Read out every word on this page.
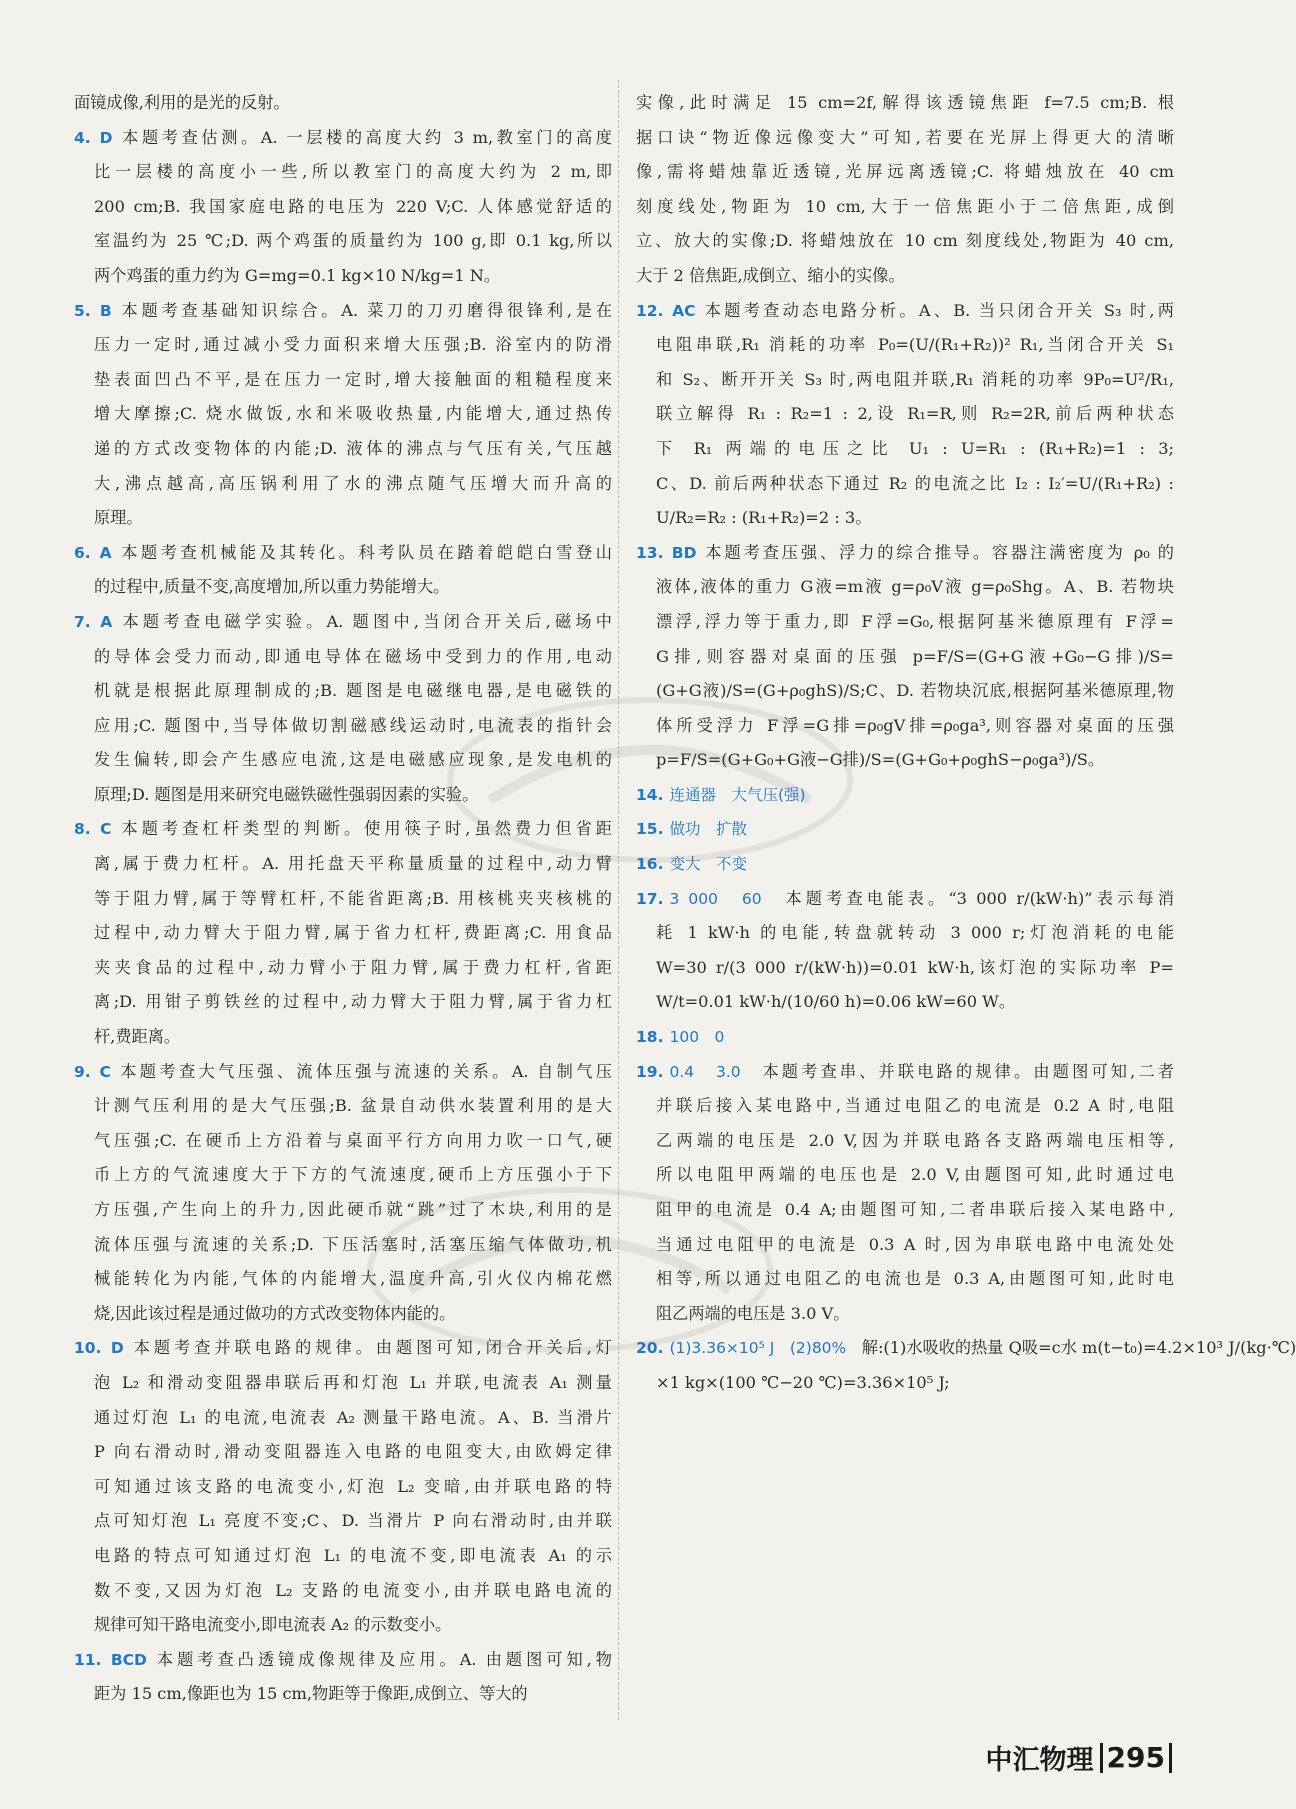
面镜成像,利用的是光的反射。
4. D 本题考查估测。A. 一层楼的高度大约 3 m,教室门的高度
比一层楼的高度小一些,所以教室门的高度大约为 2 m,即
200 cm;B. 我国家庭电路的电压为 220 V;C. 人体感觉舒适的
室温约为 25 ℃;D. 两个鸡蛋的质量约为 100 g,即 0.1 kg,所以
两个鸡蛋的重力约为 G=mg=0.1 kg×10 N/kg=1 N。
5. B 本题考查基础知识综合。A. 菜刀的刀刃磨得很锋利,是在
压力一定时,通过减小受力面积来增大压强;B. 浴室内的防滑
垫表面凹凸不平,是在压力一定时,增大接触面的粗糙程度来
增大摩擦;C. 烧水做饭,水和米吸收热量,内能增大,通过热传
递的方式改变物体的内能;D. 液体的沸点与气压有关,气压越
大,沸点越高,高压锅利用了水的沸点随气压增大而升高的
原理。
6. A 本题考查机械能及其转化。科考队员在踏着皑皑白雪登山
的过程中,质量不变,高度增加,所以重力势能增大。
7. A 本题考查电磁学实验。A. 题图中,当闭合开关后,磁场中
的导体会受力而动,即通电导体在磁场中受到力的作用,电动
机就是根据此原理制成的;B. 题图是电磁继电器,是电磁铁的
应用;C. 题图中,当导体做切割磁感线运动时,电流表的指针会
发生偏转,即会产生感应电流,这是电磁感应现象,是发电机的
原理;D. 题图是用来研究电磁铁磁性强弱因素的实验。
8. C 本题考查杠杆类型的判断。使用筷子时,虽然费力但省距
离,属于费力杠杆。A. 用托盘天平称量质量的过程中,动力臂
等于阻力臂,属于等臂杠杆,不能省距离;B. 用核桃夹夹核桃的
过程中,动力臂大于阻力臂,属于省力杠杆,费距离;C. 用食品
夹夹食品的过程中,动力臂小于阻力臂,属于费力杠杆,省距
离;D. 用钳子剪铁丝的过程中,动力臂大于阻力臂,属于省力杠
杆,费距离。
9. C 本题考查大气压强、流体压强与流速的关系。A. 自制气压
计测气压利用的是大气压强;B. 盆景自动供水装置利用的是大
气压强;C. 在硬币上方沿着与桌面平行方向用力吹一口气,硬
币上方的气流速度大于下方的气流速度,硬币上方压强小于下
方压强,产生向上的升力,因此硬币就“跳”过了木块,利用的是
流体压强与流速的关系;D. 下压活塞时,活塞压缩气体做功,机
械能转化为内能,气体的内能增大,温度升高,引火仪内棉花燃
烧,因此该过程是通过做功的方式改变物体内能的。
10. D 本题考查并联电路的规律。由题图可知,闭合开关后,灯
泡 L₂ 和滑动变阻器串联后再和灯泡 L₁ 并联,电流表 A₁ 测量
通过灯泡 L₁ 的电流,电流表 A₂ 测量干路电流。A、B. 当滑片
P 向右滑动时,滑动变阻器连入电路的电阻变大,由欧姆定律
可知通过该支路的电流变小,灯泡 L₂ 变暗,由并联电路的特
点可知灯泡 L₁ 亮度不变;C、D. 当滑片 P 向右滑动时,由并联
电路的特点可知通过灯泡 L₁ 的电流不变,即电流表 A₁ 的示
数不变,又因为灯泡 L₂ 支路的电流变小,由并联电路电流的
规律可知干路电流变小,即电流表 A₂ 的示数变小。
11. BCD 本题考查凸透镜成像规律及应用。A. 由题图可知,物
距为 15 cm,像距也为 15 cm,物距等于像距,成倒立、等大的
实像,此时满足 15 cm=2f,解得该透镜焦距 f=7.5 cm;B. 根
据口诀“物近像远像变大”可知,若要在光屏上得更大的清晰
像,需将蜡烛靠近透镜,光屏远离透镜;C. 将蜡烛放在 40 cm
刻度线处,物距为 10 cm,大于一倍焦距小于二倍焦距,成倒
立、放大的实像;D. 将蜡烛放在 10 cm 刻度线处,物距为 40 cm,
大于 2 倍焦距,成倒立、缩小的实像。
12. AC 本题考查动态电路分析。A、B. 当只闭合开关 S₃ 时,两
电阻串联,R₁ 消耗的功率 P₀=(U/(R₁+R₂))² R₁,当闭合开关 S₁
和 S₂、断开开关 S₃ 时,两电阻并联,R₁ 消耗的功率 9P₀=U²/R₁,
联立解得 R₁ : R₂=1 : 2,设 R₁=R,则 R₂=2R,前后两种状态
下 R₁ 两端的电压之比 U₁ : U=R₁ : (R₁+R₂)=1 : 3;
C、D. 前后两种状态下通过 R₂ 的电流之比 I₂ : I₂′=U/(R₁+R₂) :
U/R₂=R₂ : (R₁+R₂)=2 : 3。
13. BD 本题考查压强、浮力的综合推导。容器注满密度为 ρ₀ 的
液体,液体的重力 G液=m液 g=ρ₀V液 g=ρ₀Shg。A、B. 若物块
漂浮,浮力等于重力,即 F浮=G₀,根据阿基米德原理有 F浮=
G排,则容器对桌面的压强 p=F/S=(G+G液+G₀−G排)/S=
(G+G液)/S=(G+ρ₀ghS)/S;C、D. 若物块沉底,根据阿基米德原理,物
体所受浮力 F浮=G排=ρ₀gV排=ρ₀ga³,则容器对桌面的压强
p=F/S=(G+G₀+G液−G排)/S=(G+G₀+ρ₀ghS−ρ₀ga³)/S。
14. 连通器　大气压(强)
15. 做功　扩散
16. 变大　不变
17. 3 000　60　本题考查电能表。“3 000 r/(kW·h)”表示每消
耗 1 kW·h 的电能,转盘就转动 3 000 r;灯泡消耗的电能
W=30 r/(3 000 r/(kW·h))=0.01 kW·h,该灯泡的实际功率 P=
W/t=0.01 kW·h/(10/60 h)=0.06 kW=60 W。
18. 100　0
19. 0.4　3.0　本题考查串、并联电路的规律。由题图可知,二者
并联后接入某电路中,当通过电阻乙的电流是 0.2 A 时,电阻
乙两端的电压是 2.0 V,因为并联电路各支路两端电压相等,
所以电阻甲两端的电压也是 2.0 V,由题图可知,此时通过电
阻甲的电流是 0.4 A;由题图可知,二者串联后接入某电路中,
当通过电阻甲的电流是 0.3 A 时,因为串联电路中电流处处
相等,所以通过电阻乙的电流也是 0.3 A,由题图可知,此时电
阻乙两端的电压是 3.0 V。
20. (1)3.36×10⁵ J　(2)80%　解:(1)水吸收的热量 Q吸=c水 m(t−t₀)=4.2×10³ J/(kg·℃)
×1 kg×(100 ℃−20 ℃)=3.36×10⁵ J;
中汇物理 295
